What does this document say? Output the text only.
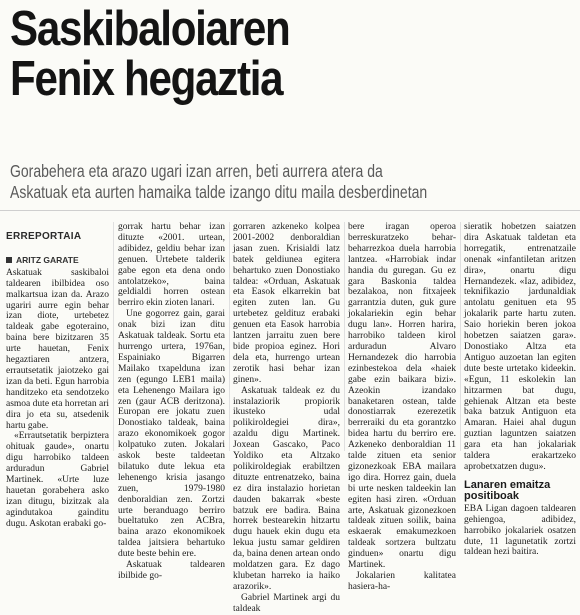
Saskibaloiaren
Fenix hegaztia
Gorabehera eta arazo ugari izan arren, beti aurrera atera da
Askatuak eta aurten hamaika talde izango ditu maila desberdinetan
ERREPORTAIA
ARITZ GARATE

Askatuak saskibaloi taldearen ibilbidea oso malkartsua izan da. Arazo ugariri aurre egin behar izan diote, urtebetez taldeak gabe egoteraino, baina bere bizitzaren 35 urte hauetan, Fenix hegaztiaren antzera, errautsetatik jaiotzeko gai izan da beti. Egun harrobia handitzeko eta sendotzeko asmoa dute eta horretan ari dira jo eta su, atsedenik hartu gabe.

«Errautsetatik berpiztera ohituak gaude», onartu digu harrobiko taldeen arduradun Gabriel Martinek. «Urte luze hauetan gorabehera asko izan ditugu, bizitzak ala agindutakoa gainditu dugu. Askotan erabaki go-

gorrak hartu behar izan dituzte «2001. urtean, adibidez, geldiu behar izan genuen. Urtebete talderik gabe egon eta dena ondo antolatzeko», baina geldialdi horren ostean berriro ekin zioten lanari.

Une gogorrez gain, garai onak bizi izan ditu Askatuak taldeak. Sortu eta hurrengo urtera, 1976an, Espainiako Bigarren Mailako txapelduna izan zen (egungo LEB1 maila) eta Lehenengo Mailara igo zen (gaur ACB deritzona). Europan ere jokatu zuen Donostiako taldeak, baina arazo ekonomikoek gogor kolpatuko zuten. Jokalari askok beste taldeetan bilatuko dute lekua eta lehenengo krisia jasango zuen, 1979-1980 denboraldian zen. Zortzi urte beranduago berriro bueltatuko zen ACBra, baina arazo ekonomikoek taldea jaitsiera behartuko dute beste behin ere.

Askatuak taldearen ibilbide go-

gorraren azkeneko kolpea 2001-2002 denboraldian jasan zuen. Krisialdi latz batek geldiunea egitera behartuko zuen Donostiako taldea: «Orduan, Askatuak eta Easok elkarrekin bat egiten zuten lan. Gu urtebetez geldituz erabaki genuen eta Easok harrobia lantzen jarraitu zuen bere bide propioa eginez. Hori dela eta, hurrengo urtean zerotik hasi behar izan ginen».

Askatuak taldeak ez du instalaziorik propiorik ikusteko udal polikiroldegiei dira», azaldu digu Martinek. Joxean Gascako, Paco Yoldiko eta Altzako polikiroldegiak erabiltzen dituzte entrenatzeko, baina ez dira instalazio horietan dauden bakarrak «beste batzuk ere badira. Baina horrek bestearekin hitzartu dugu hauek ekin dugu eta lekua justu samar geldiren da, baina denen artean ondo moldatzen gara. Ez dago klubetan harreko ia haiko arazorik».

Gabriel Martinek argi du taldeak

bere iragan operoa berreskuratzeko behar-beharrezkoa duela harrobia lantzea. «Harrobiak indar handia du guregan. Gu ez gara Baskonia taldea bezalakoa, non fitxajeek garrantzia duten, guk gure jokalariekin egin behar dugu lan». Horren harira, harrobiko taldeen kirol arduradun Alvaro Hernandezek dio harrobia ezinbestekoa dela «haiek gabe ezin baikara bizi». Azeokin izandako banaketaren ostean, talde donostiarrak ezerezetik berreraiki du eta gorantzko bidea hartu du berriro ere. Azkeneko denboraldian 11 talde zituen eta senior gizonezkoak EBA mailara igo dira. Horrez gain, duela bi urte nesken taldeekin lan egiten hasi ziren. «Orduan arte, Askatuak gizonezkoen taldeak zituen soilik, baina eskaerak emakumezkoen taldeak sortzera bultzatu ginduen» onartu digu Martinek.

Jokalarien kalitatea hasiera-ha-

sieratik hobetzen saiatzen dira Askatuak taldetan eta horregatik, entrenatzaile onenak «infantiletan aritzen dira», onartu digu Hernandezek. «Iaz, adibidez, teknifikazio jardunaldiak antolatu genituen eta 95 jokalarik parte hartu zuten. Saio horiekin beren jokoa hobetzen saiatzen gara». Donostiako Altza eta Antiguo auzoetan lan egiten dute beste urtetako kideekin. «Egun, 11 eskolekin lan hitzarmen bat dugu, gehienak Altzan eta beste baka batzuk Antiguon eta Amaran. Haiei ahal dugun guztian laguntzen saiatzen gara eta han jokalariak taldera erakartzeko aprobetxatzen dugu».

Lanaren emaitza
positiboak

EBA Ligan dagoen taldearen gehiengoa, adibidez, harrobiko jokalariek osatzen dute, 11 lagunetatik zortzi taldean hezi baitira.
